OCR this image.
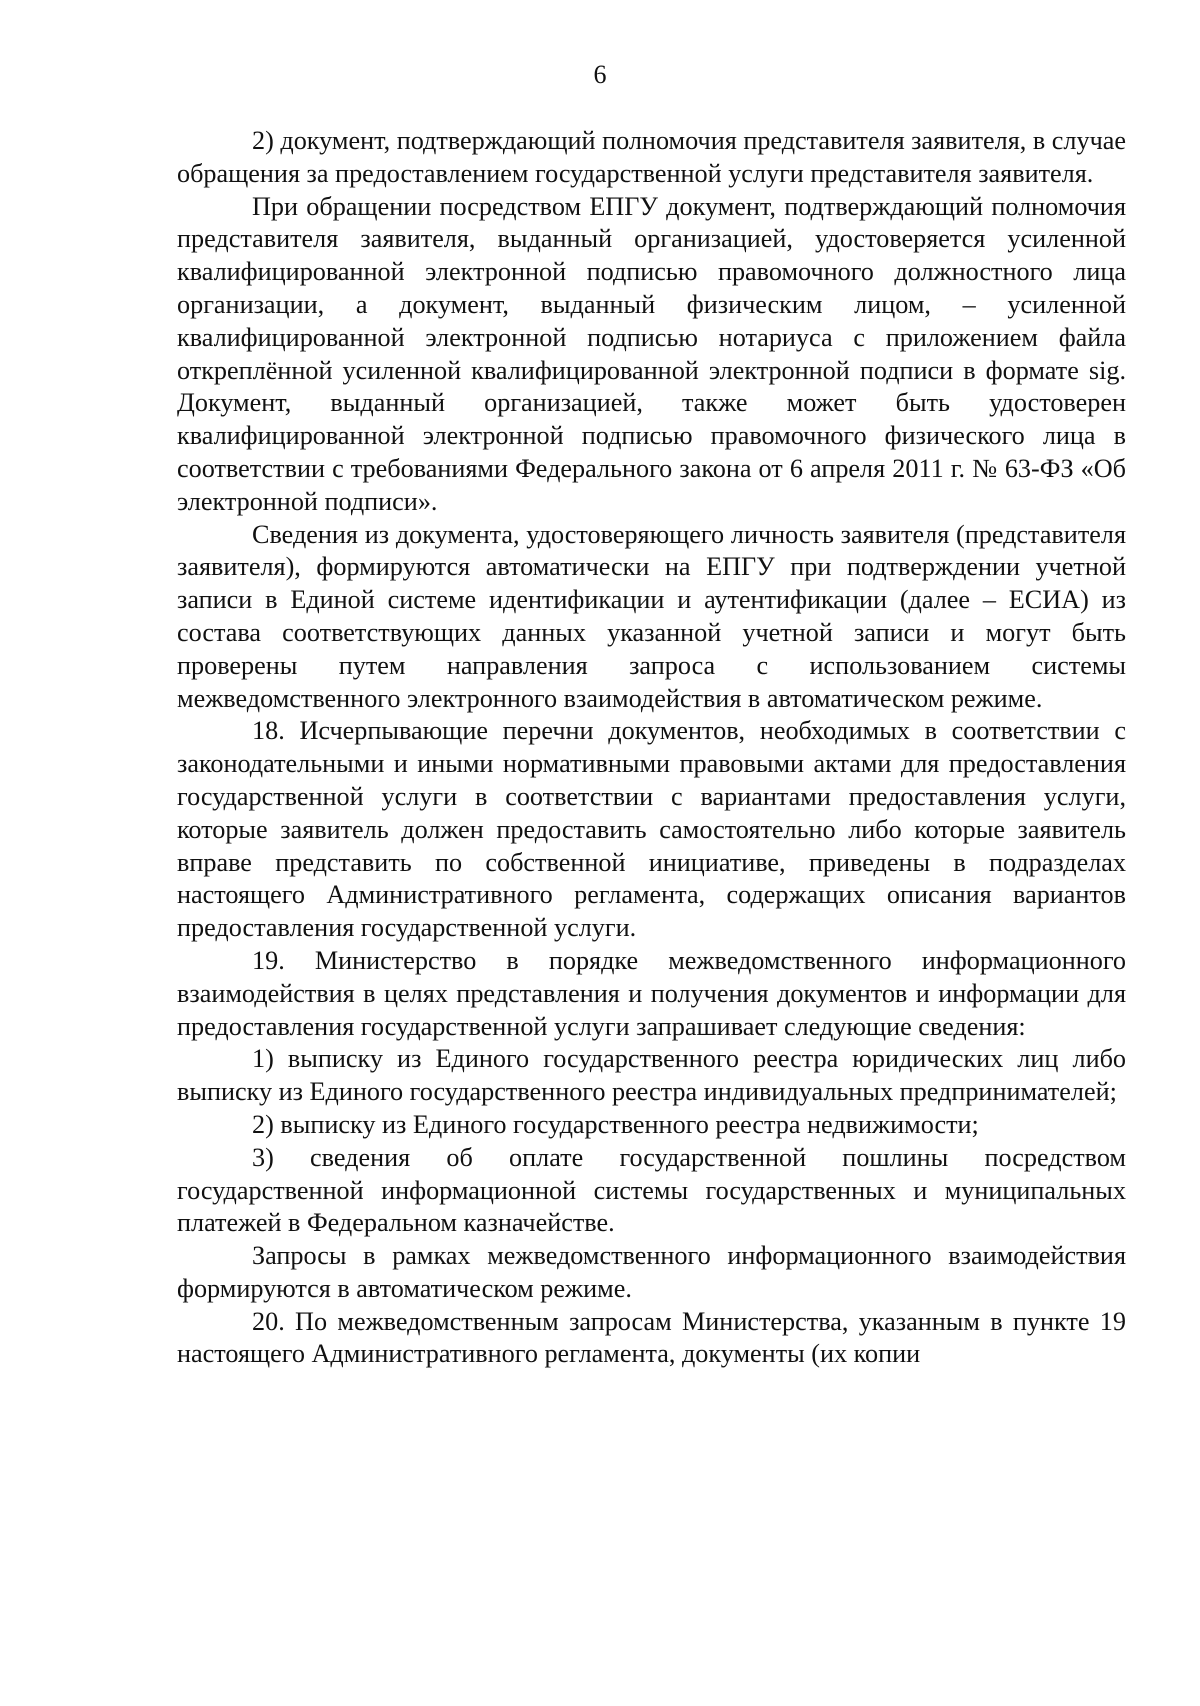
6

2) документ, подтверждающий полномочия представителя заявителя, в случае обращения за предоставлением государственной услуги представителя заявителя.

При обращении посредством ЕПГУ документ, подтверждающий полномочия представителя заявителя, выданный организацией, удостоверяется усиленной квалифицированной электронной подписью правомочного должностного лица организации, а документ, выданный физическим лицом, – усиленной квалифицированной электронной подписью нотариуса с приложением файла откреплённой усиленной квалифицированной электронной подписи в формате sig. Документ, выданный организацией, также может быть удостоверен квалифицированной электронной подписью правомочного физического лица в соответствии с требованиями Федерального закона от 6 апреля 2011 г. № 63-ФЗ «Об электронной подписи».

Сведения из документа, удостоверяющего личность заявителя (представителя заявителя), формируются автоматически на ЕПГУ при подтверждении учетной записи в Единой системе идентификации и аутентификации (далее – ЕСИА) из состава соответствующих данных указанной учетной записи и могут быть проверены путем направления запроса с использованием системы межведомственного электронного взаимодействия в автоматическом режиме.

18. Исчерпывающие перечни документов, необходимых в соответствии с законодательными и иными нормативными правовыми актами для предоставления государственной услуги в соответствии с вариантами предоставления услуги, которые заявитель должен предоставить самостоятельно либо которые заявитель вправе представить по собственной инициативе, приведены в подразделах настоящего Административного регламента, содержащих описания вариантов предоставления государственной услуги.

19. Министерство в порядке межведомственного информационного взаимодействия в целях представления и получения документов и информации для предоставления государственной услуги запрашивает следующие сведения:

1) выписку из Единого государственного реестра юридических лиц либо выписку из Единого государственного реестра индивидуальных предпринимателей;

2) выписку из Единого государственного реестра недвижимости;

3) сведения об оплате государственной пошлины посредством государственной информационной системы государственных и муниципальных платежей в Федеральном казначействе.

Запросы в рамках межведомственного информационного взаимодействия формируются в автоматическом режиме.

20. По межведомственным запросам Министерства, указанным в пункте 19 настоящего Административного регламента, документы (их копии
